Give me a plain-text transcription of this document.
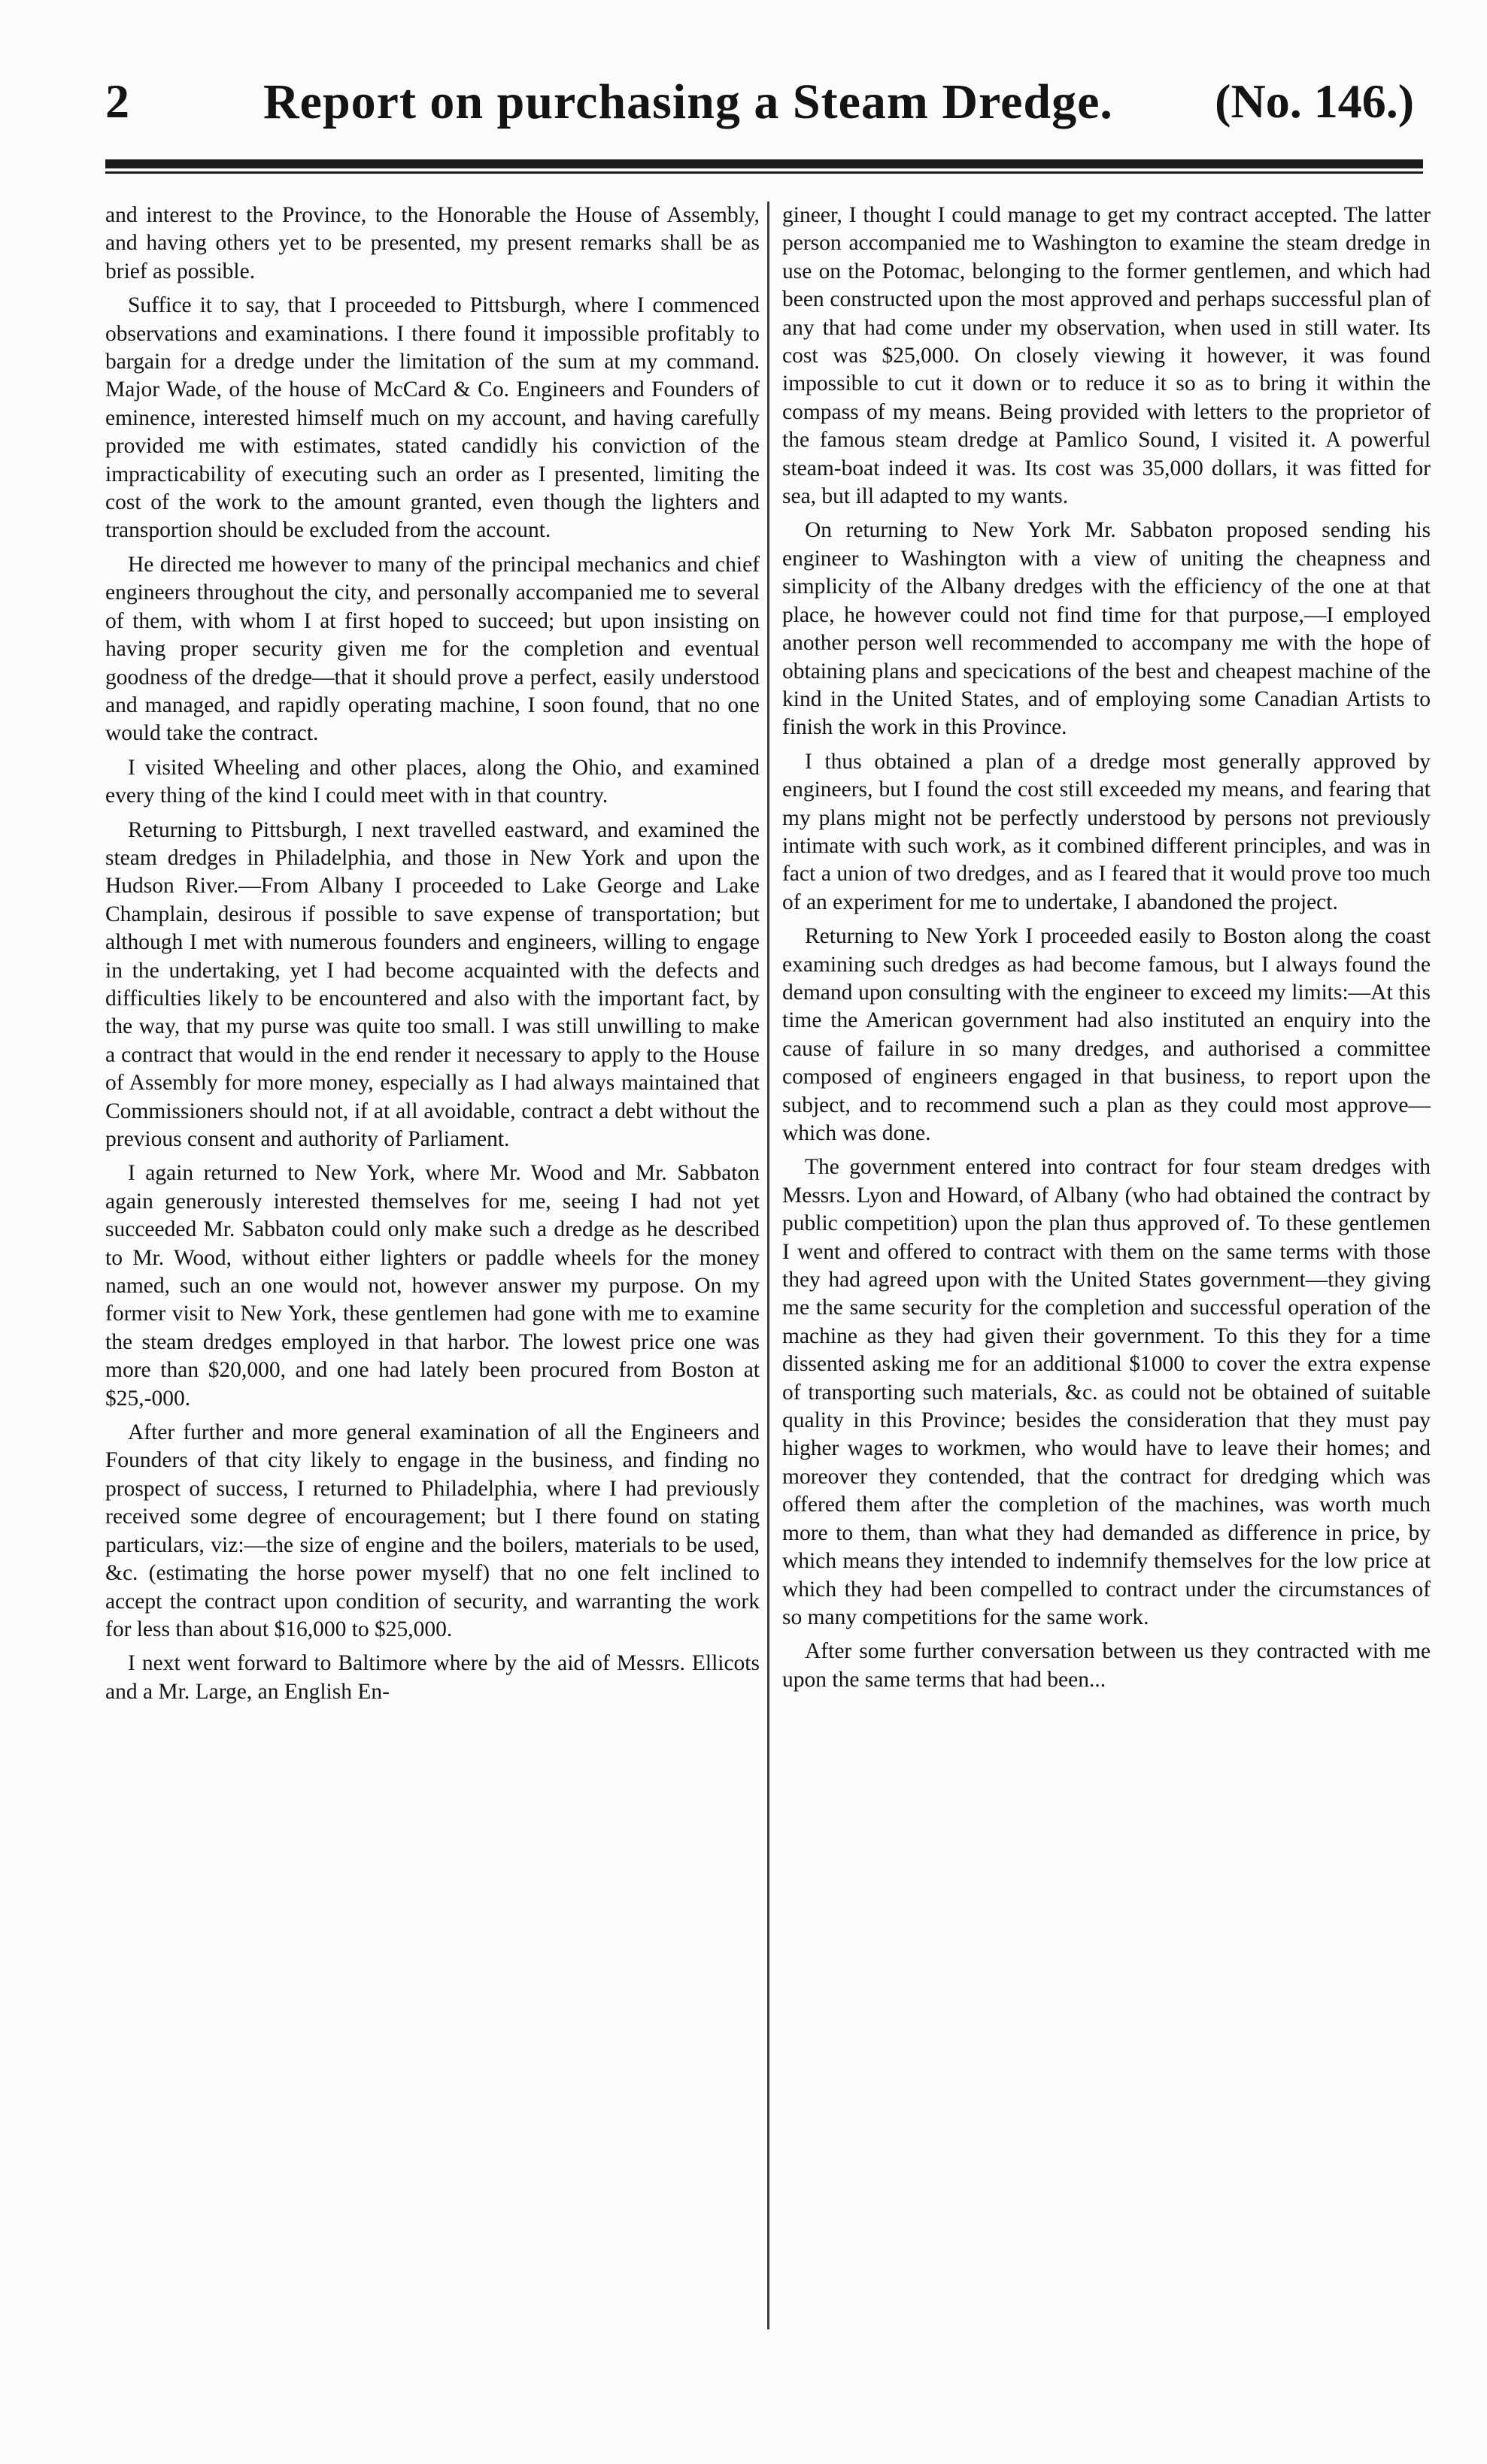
2	Report on purchasing a Steam Dredge. (No. 146.)

and interest to the Province, to the Honorable the House of Assembly, and having others yet to be presented, my present remarks shall be as brief as possible.

Suffice it to say, that I proceeded to Pittsburgh, where I commenced observations and examinations. I there found it impossible profitably to bargain for a dredge under the limitation of the sum at my command. Major Wade, of the house of McCard & Co. Engineers and Founders of eminence, interested himself much on my account, and having carefully provided me with estimates, stated candidly his conviction of the impracticability of executing such an order as I presented, limiting the cost of the work to the amount granted, even though the lighters and transportion should be excluded from the account.

He directed me however to many of the principal mechanics and chief engineers throughout the city, and personally accompanied me to several of them, with whom I at first hoped to succeed; but upon insisting on having proper security given me for the completion and eventual goodness of the dredge—that it should prove a perfect, easily understood and managed, and rapidly operating machine, I soon found, that no one would take the contract.

I visited Wheeling and other places, along the Ohio, and examined every thing of the kind I could meet with in that country.

Returning to Pittsburgh, I next travelled eastward, and examined the steam dredges in Philadelphia, and those in New York and upon the Hudson River.—From Albany I proceeded to Lake George and Lake Champlain, desirous if possible to save expense of transportation; but although I met with numerous founders and engineers, willing to engage in the undertaking, yet I had become acquainted with the defects and difficulties likely to be encountered and also with the important fact, by the way, that my purse was quite too small. I was still unwilling to make a contract that would in the end render it necessary to apply to the House of Assembly for more money, especially as I had always maintained that Commissioners should not, if at all avoidable, contract a debt without the previous consent and authority of Parliament.

I again returned to New York, where Mr. Wood and Mr. Sabbaton again generously interested themselves for me, seeing I had not yet succeeded Mr. Sabbaton could only make such a dredge as he described to Mr. Wood, without either lighters or paddle wheels for the money named, such an one would not, however answer my purpose. On my former visit to New York, these gentlemen had gone with me to examine the steam dredges employed in that harbor. The lowest price one was more than $20,000, and one had lately been procured from Boston at $25,-000.

After further and more general examination of all the Engineers and Founders of that city likely to engage in the business, and finding no prospect of success, I returned to Philadelphia, where I had previously received some degree of encouragement; but I there found on stating particulars, viz:—the size of engine and the boilers, materials to be used, &c. (estimating the horse power myself) that no one felt inclined to accept the contract upon condition of security, and warranting the work for less than about $16,000 to $25,000.

I next went forward to Baltimore where by the aid of Messrs. Ellicots and a Mr. Large, an English En-

gineer, I thought I could manage to get my contract accepted. The latter person accompanied me to Washington to examine the steam dredge in use on the Potomac, belonging to the former gentlemen, and which had been constructed upon the most approved and perhaps successful plan of any that had come under my observation, when used in still water. Its cost was $25,000. On closely viewing it however, it was found impossible to cut it down or to reduce it so as to bring it within the compass of my means. Being provided with letters to the proprietor of the famous steam dredge at Pamlico Sound, I visited it. A powerful steam-boat indeed it was. Its cost was 35,000 dollars, it was fitted for sea, but ill adapted to my wants.

On returning to New York Mr. Sabbaton proposed sending his engineer to Washington with a view of uniting the cheapness and simplicity of the Albany dredges with the efficiency of the one at that place, he however could not find time for that purpose,—I employed another person well recommended to accompany me with the hope of obtaining plans and specications of the best and cheapest machine of the kind in the United States, and of employing some Canadian Artists to finish the work in this Province.

I thus obtained a plan of a dredge most generally approved by engineers, but I found the cost still exceeded my means, and fearing that my plans might not be perfectly understood by persons not previously intimate with such work, as it combined different principles, and was in fact a union of two dredges, and as I feared that it would prove too much of an experiment for me to undertake, I abandoned the project.

Returning to New York I proceeded easily to Boston along the coast examining such dredges as had become famous, but I always found the demand upon consulting with the engineer to exceed my limits:—At this time the American government had also instituted an enquiry into the cause of failure in so many dredges, and authorised a committee composed of engineers engaged in that business, to report upon the subject, and to recommend such a plan as they could most approve—which was done.

The government entered into contract for four steam dredges with Messrs. Lyon and Howard, of Albany (who had obtained the contract by public competition) upon the plan thus approved of. To these gentlemen I went and offered to contract with them on the same terms with those they had agreed upon with the United States government—they giving me the same security for the completion and successful operation of the machine as they had given their government. To this they for a time dissented asking me for an additional $1000 to cover the extra expense of transporting such materials, &c. as could not be obtained of suitable quality in this Province; besides the consideration that they must pay higher wages to workmen, who would have to leave their homes; and moreover they contended, that the contract for dredging which was offered them after the completion of the machines, was worth much more to them, than what they had demanded as difference in price, by which means they intended to indemnify themselves for the low price at which they had been compelled to contract under the circumstances of so many competitions for the same work.

After some further conversation between us they contracted with me upon the same terms that had been...
